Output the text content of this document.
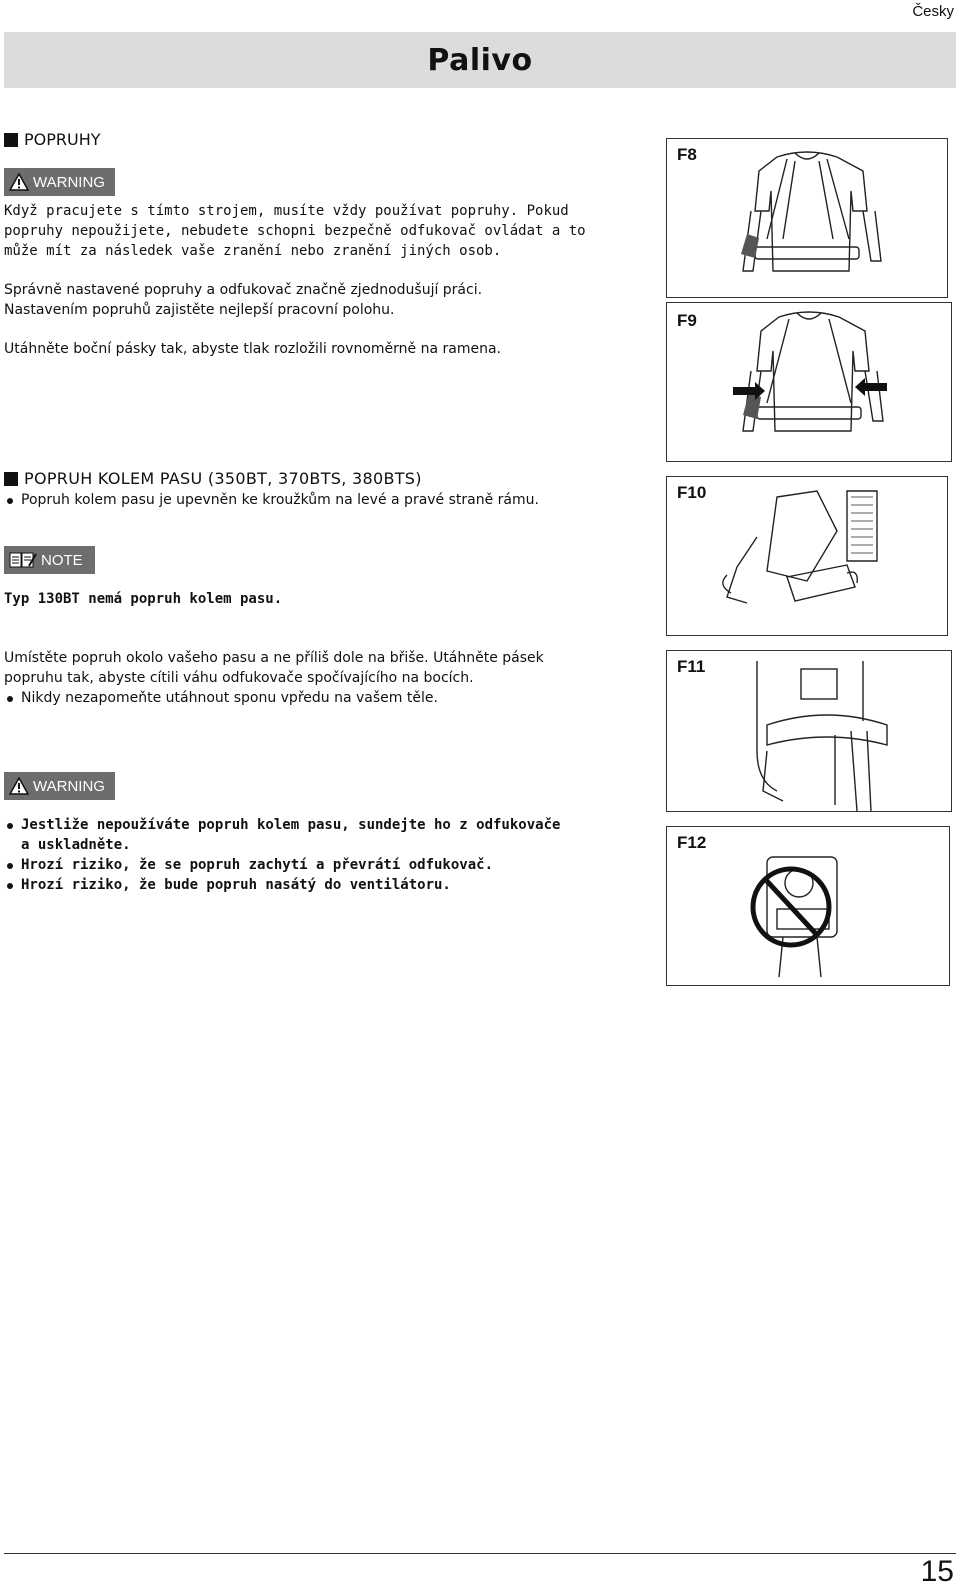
Česky
Palivo
POPRUHY
WARNING
Když pracujete s tímto strojem, musíte vždy používat popruhy. Pokud popruhy nepoužijete, nebudete schopni bezpečně odfukovač ovládat a to může mít za následek vaše zranění nebo zranění jiných osob.
Správně nastavené popruhy a odfukovač značně zjednodušují práci. Nastavením popruhů zajistěte nejlepší pracovní polohu.
Utáhněte boční pásky tak, abyste tlak rozložili rovnoměrně na ramena.
POPRUH KOLEM PASU (350BT, 370BTS, 380BTS)
Popruh kolem pasu je upevněn ke kroužkům na levé a pravé straně rámu.
NOTE
Typ 130BT nemá popruh kolem pasu.
Umístěte popruh okolo vašeho pasu a ne příliš dole na břiše. Utáhněte pásek popruhu tak, abyste cítili váhu odfukovače spočívajícího na bocích.
Nikdy nezapomeňte utáhnout sponu vpředu na vašem těle.
WARNING
Jestliže nepoužíváte popruh kolem pasu, sundejte ho z odfukovače a uskladněte.
Hrozí riziko, že se popruh zachytí a převrátí odfukovač.
Hrozí riziko, že bude popruh nasátý do ventilátoru.
F8
F9
F10
F11
F12
15
